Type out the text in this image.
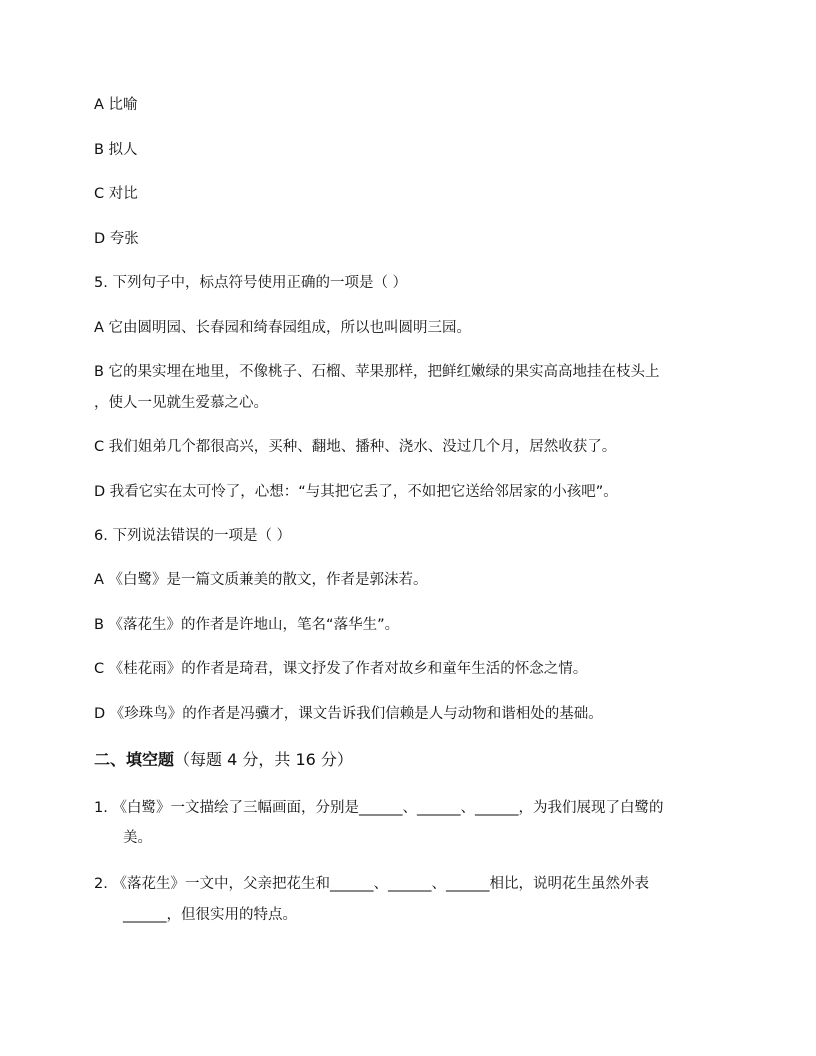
A 比喻
B 拟人
C 对比
D 夸张
5. 下列句子中，标点符号使用正确的一项是（ ）
A 它由圆明园、长春园和绮春园组成，所以也叫圆明三园。
B 它的果实埋在地里，不像桃子、石榴、苹果那样，把鲜红嫩绿的果实高高地挂在枝头上
，使人一见就生爱慕之心。
C 我们姐弟几个都很高兴，买种、翻地、播种、浇水、没过几个月，居然收获了。
D 我看它实在太可怜了，心想：“与其把它丢了，不如把它送给邻居家的小孩吧”。
6. 下列说法错误的一项是（ ）
A 《白鹭》是一篇文质兼美的散文，作者是郭沫若。
B 《落花生》的作者是许地山，笔名“落华生”。
C 《桂花雨》的作者是琦君，课文抒发了作者对故乡和童年生活的怀念之情。
D 《珍珠鸟》的作者是冯骥才，课文告诉我们信赖是人与动物和谐相处的基础。
二、填空题（每题 4 分，共 16 分）
1. 《白鹭》一文描绘了三幅画面，分别是______、______、______，为我们展现了白鹭的
美。
2. 《落花生》一文中，父亲把花生和______、______、______相比，说明花生虽然外表
______，但很实用的特点。
